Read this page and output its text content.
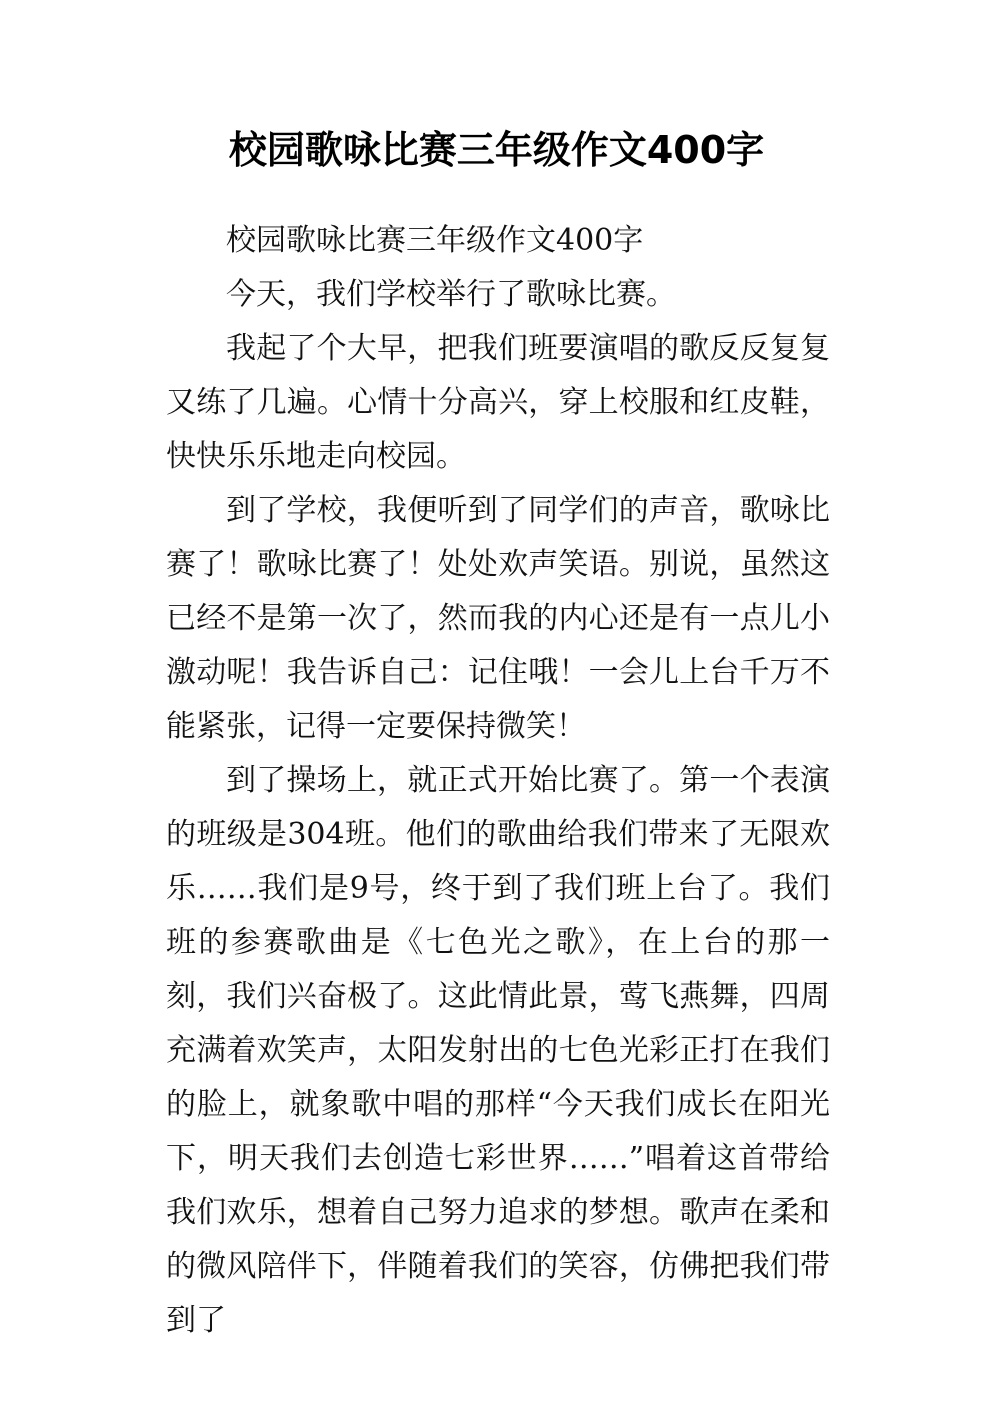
校园歌咏比赛三年级作文400字

校园歌咏比赛三年级作文400字

今天，我们学校举行了歌咏比赛。

我起了个大早，把我们班要演唱的歌反反复复又练了几遍。心情十分高兴，穿上校服和红皮鞋，快快乐乐地走向校园。

到了学校，我便听到了同学们的声音，歌咏比赛了！歌咏比赛了！处处欢声笑语。别说，虽然这已经不是第一次了，然而我的内心还是有一点儿小激动呢！我告诉自己：记住哦！一会儿上台千万不能紧张，记得一定要保持微笑！

到了操场上，就正式开始比赛了。第一个表演的班级是304班。他们的歌曲给我们带来了无限欢乐……我们是9号，终于到了我们班上台了。我们班的参赛歌曲是《七色光之歌》，在上台的那一刻，我们兴奋极了。这此情此景，莺飞燕舞，四周充满着欢笑声，太阳发射出的七色光彩正打在我们的脸上，就象歌中唱的那样“今天我们成长在阳光下，明天我们去创造七彩世界……”唱着这首带给我们欢乐，想着自己努力追求的梦想。歌声在柔和的微风陪伴下，伴随着我们的笑容，仿佛把我们带到了
